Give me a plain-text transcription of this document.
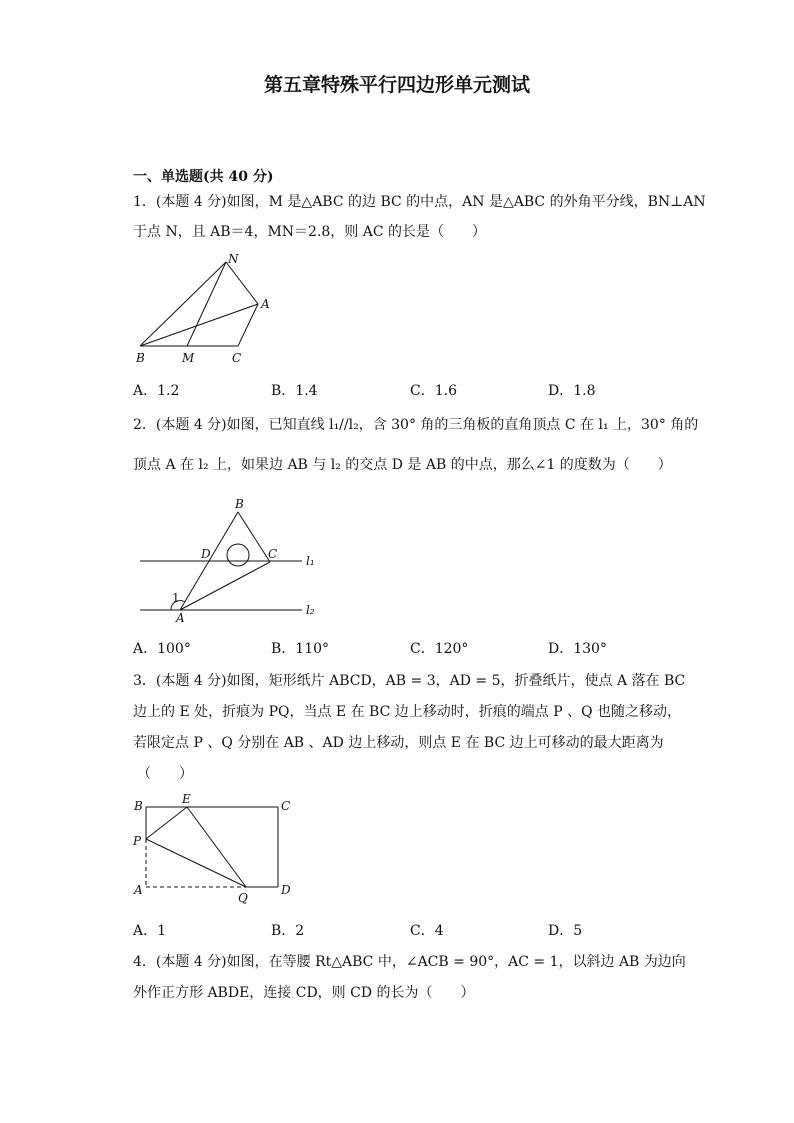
第五章特殊平行四边形单元测试
一、单选题(共 40 分)
1．(本题 4 分)如图，M 是△ABC 的边 BC 的中点，AN 是△ABC 的外角平分线，BN⊥AN
于点 N，且 AB＝4，MN＝2.8，则 AC 的长是（　　）
N
A
B	M	C
A．1.2	B．1.4	C．1.6	D．1.8
2．(本题 4 分)如图，已知直线 l₁//l₂，含 30° 角的三角板的直角顶点 C 在 l₁ 上，30° 角的
顶点 A 在 l₂ 上，如果边 AB 与 l₂ 的交点 D 是 AB 的中点，那么∠1 的度数为（　　）
B
D	C l₁
1
A
l₂
A．100°	B．110°	C．120°	D．130°
3．(本题 4 分)如图，矩形纸片 ABCD，AB = 3，AD = 5，折叠纸片，使点 A 落在 BC
边上的 E 处，折痕为 PQ，当点 E 在 BC 边上移动时，折痕的端点 P 、Q 也随之移动，
若限定点 P 、Q 分别在 AB 、AD 边上移动，则点 E 在 BC 边上可移动的最大距离为
（　　）
B	E	C
P
A
Q
D
A．1	B．2	C．4	D．5
4．(本题 4 分)如图，在等腰 Rt△ABC 中，∠ACB = 90°，AC = 1，以斜边 AB 为边向
外作正方形 ABDE，连接 CD，则 CD 的长为（　　）
